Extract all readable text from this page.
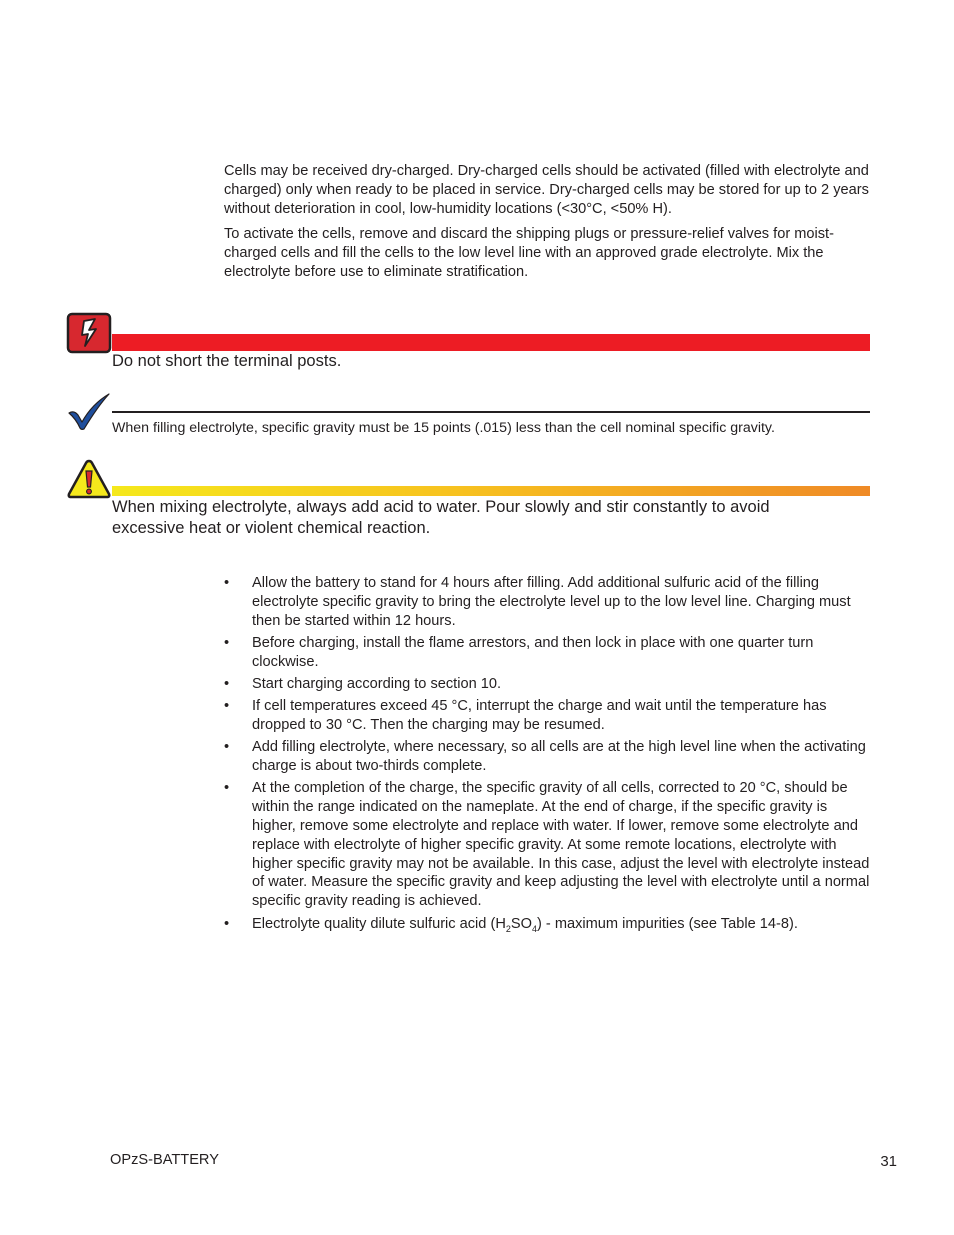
Cells may be received dry-charged. Dry-charged cells should be activated (filled with electrolyte and charged) only when ready to be placed in service. Dry-charged cells may be stored for up to 2 years without deterioration in cool, low-humidity locations (<30°C, <50% H).

To activate the cells, remove and discard the shipping plugs or pressure-relief valves for moist-charged cells and fill the cells to the low level line with an approved grade electrolyte. Mix the electrolyte before use to eliminate stratification.

Do not short the terminal posts.
When filling electrolyte, specific gravity must be 15 points (.015) less than the cell nominal specific gravity.
When mixing electrolyte, always add acid to water. Pour slowly and stir constantly to avoid excessive heat or violent chemical reaction.
• Allow the battery to stand for 4 hours after filling. Add additional sulfuric acid of the filling electrolyte specific gravity to bring the electrolyte level up to the low level line. Charging must then be started within 12 hours.
• Before charging, install the flame arrestors, and then lock in place with one quarter turn clockwise.
• Start charging according to section 10.
• If cell temperatures exceed 45 °C, interrupt the charge and wait until the temperature has dropped to 30 °C. Then the charging may be resumed.
• Add filling electrolyte, where necessary, so all cells are at the high level line when the activating charge is about two-thirds complete.
• At the completion of the charge, the specific gravity of all cells, corrected to 20 °C, should be within the range indicated on the nameplate. At the end of charge, if the specific gravity is higher, remove some electrolyte and replace with water. If lower, remove some electrolyte and replace with electrolyte of higher specific gravity. At some remote locations, electrolyte with higher specific gravity may not be available. In this case, adjust the level with electrolyte instead of water. Measure the specific gravity and keep adjusting the level with electrolyte until a normal specific gravity reading is achieved.
• Electrolyte quality dilute sulfuric acid $(H_2SO_4)$ - maximum impurities (see Table 14-8).
OPzS-BATTERY	31
